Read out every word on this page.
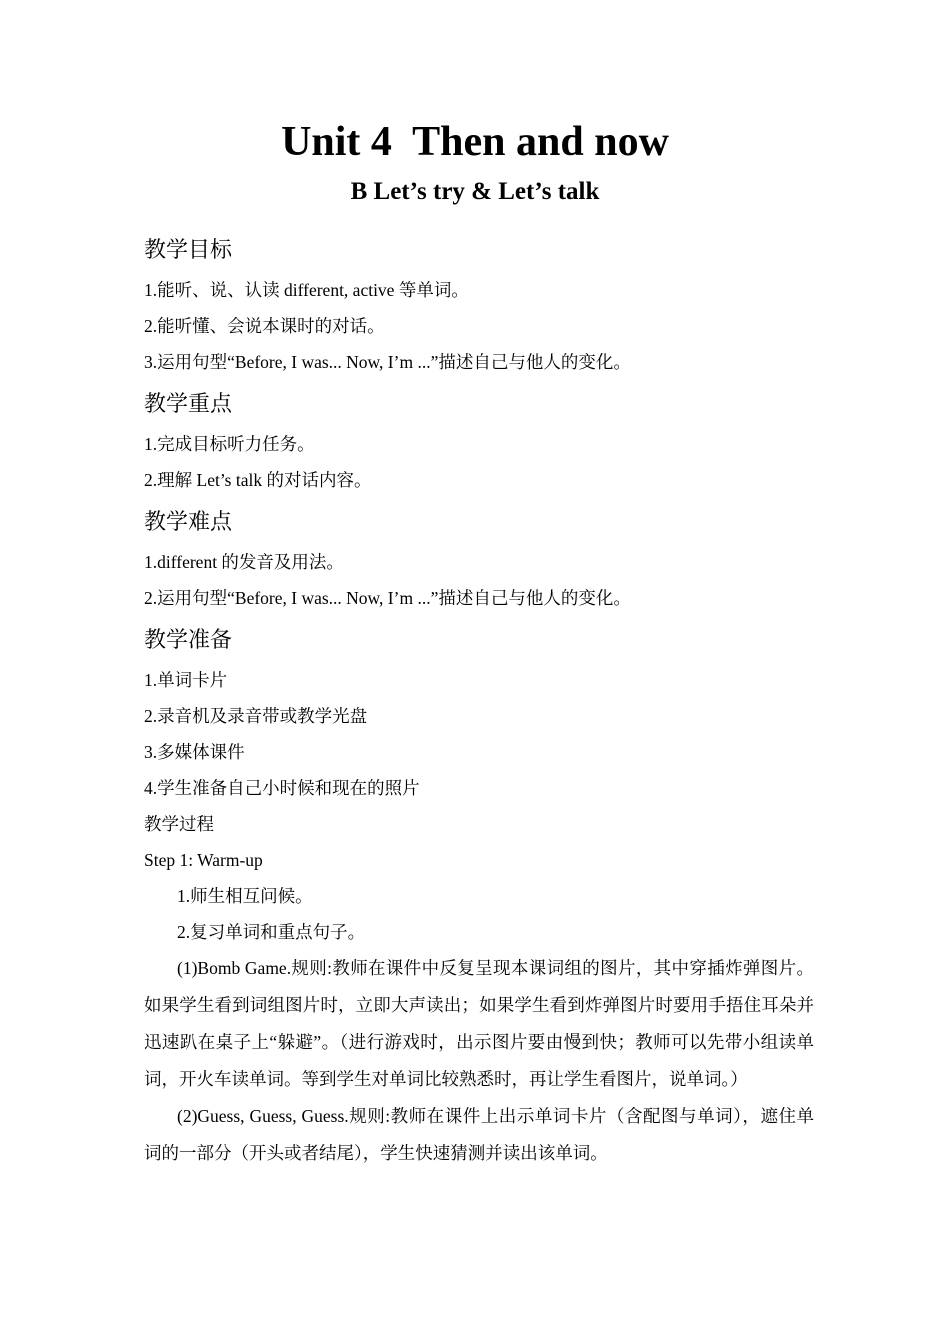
Unit 4  Then and now
B Let’s try & Let’s talk
教学目标
1.能听、说、认读 different, active 等单词。
2.能听懂、会说本课时的对话。
3.运用句型“Before, I was... Now, I’m ...”描述自己与他人的变化。
教学重点
1.完成目标听力任务。
2.理解 Let’s talk 的对话内容。
教学难点
1.different 的发音及用法。
2.运用句型“Before, I was... Now, I’m ...”描述自己与他人的变化。
教学准备
1.单词卡片
2.录音机及录音带或教学光盘
3.多媒体课件
4.学生准备自己小时候和现在的照片
教学过程
Step 1: Warm-up
1.师生相互问候。
2.复习单词和重点句子。
(1)Bomb Game.规则:教师在课件中反复呈现本课词组的图片，其中穿插炸弹图片。如果学生看到词组图片时，立即大声读出；如果学生看到炸弹图片时要用手捂住耳朵并迅速趴在桌子上“躲避”。（进行游戏时，出示图片要由慢到快；教师可以先带小组读单词，开火车读单词。等到学生对单词比较熟悉时，再让学生看图片，说单词。）
(2)Guess, Guess, Guess.规则:教师在课件上出示单词卡片（含配图与单词），遮住单词的一部分（开头或者结尾），学生快速猜测并读出该单词。
